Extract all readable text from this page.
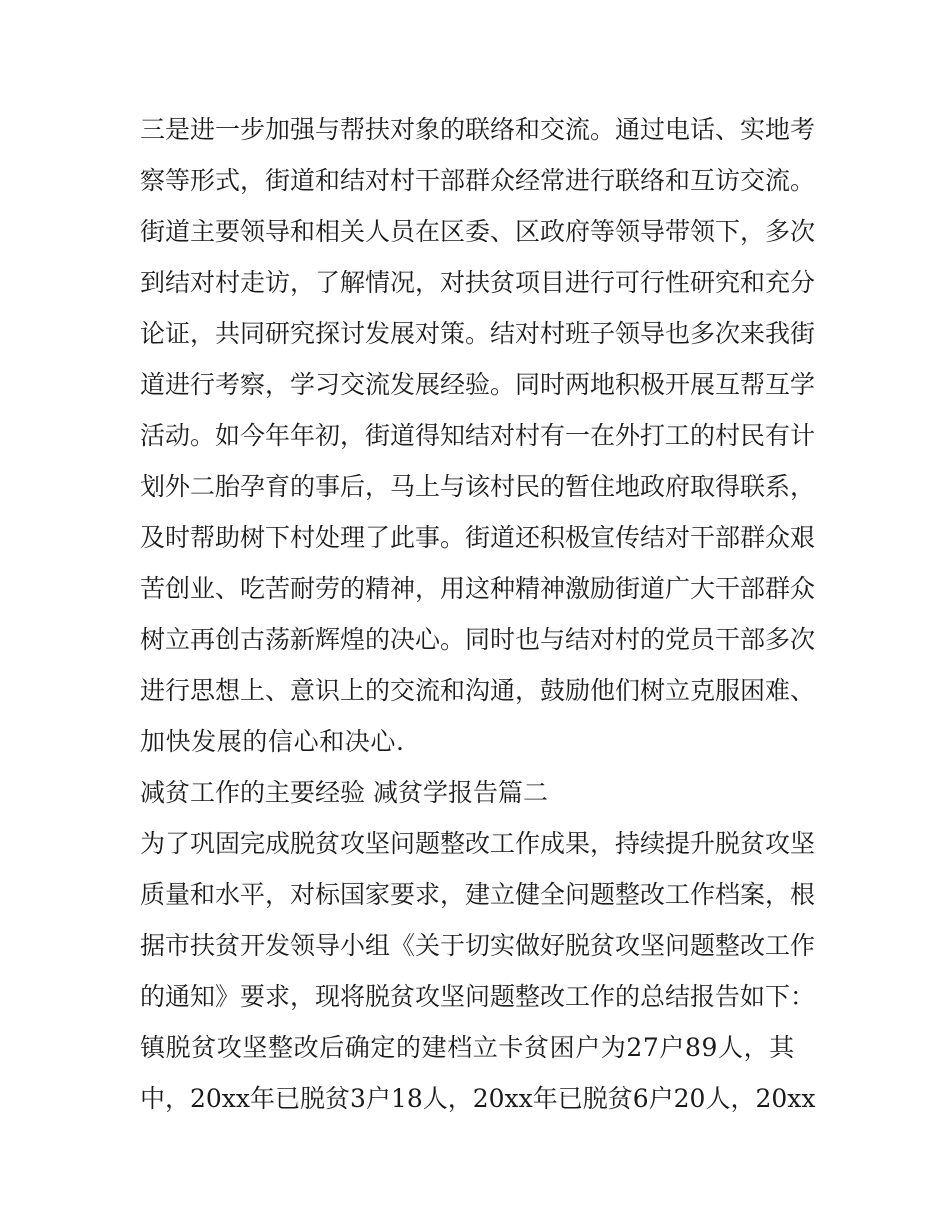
三是进一步加强与帮扶对象的联络和交流。通过电话、实地考
察等形式，街道和结对村干部群众经常进行联络和互访交流。
街道主要领导和相关人员在区委、区政府等领导带领下，多次
到结对村走访，了解情况，对扶贫项目进行可行性研究和充分
论证，共同研究探讨发展对策。结对村班子领导也多次来我街
道进行考察，学习交流发展经验。同时两地积极开展互帮互学
活动。如今年年初，街道得知结对村有一在外打工的村民有计
划外二胎孕育的事后，马上与该村民的暂住地政府取得联系，
及时帮助树下村处理了此事。街道还积极宣传结对干部群众艰
苦创业、吃苦耐劳的精神，用这种精神激励街道广大干部群众
树立再创古荡新辉煌的决心。同时也与结对村的党员干部多次
进行思想上、意识上的交流和沟通，鼓励他们树立克服困难、
加快发展的信心和决心.
减贫工作的主要经验 减贫学报告篇二
为了巩固完成脱贫攻坚问题整改工作成果，持续提升脱贫攻坚
质量和水平，对标国家要求，建立健全问题整改工作档案，根
据市扶贫开发领导小组《关于切实做好脱贫攻坚问题整改工作
的通知》要求，现将脱贫攻坚问题整改工作的总结报告如下：
镇脱贫攻坚整改后确定的建档立卡贫困户为27户89人，其
中，20xx年已脱贫3户18人，20xx年已脱贫6户20人，20xx
